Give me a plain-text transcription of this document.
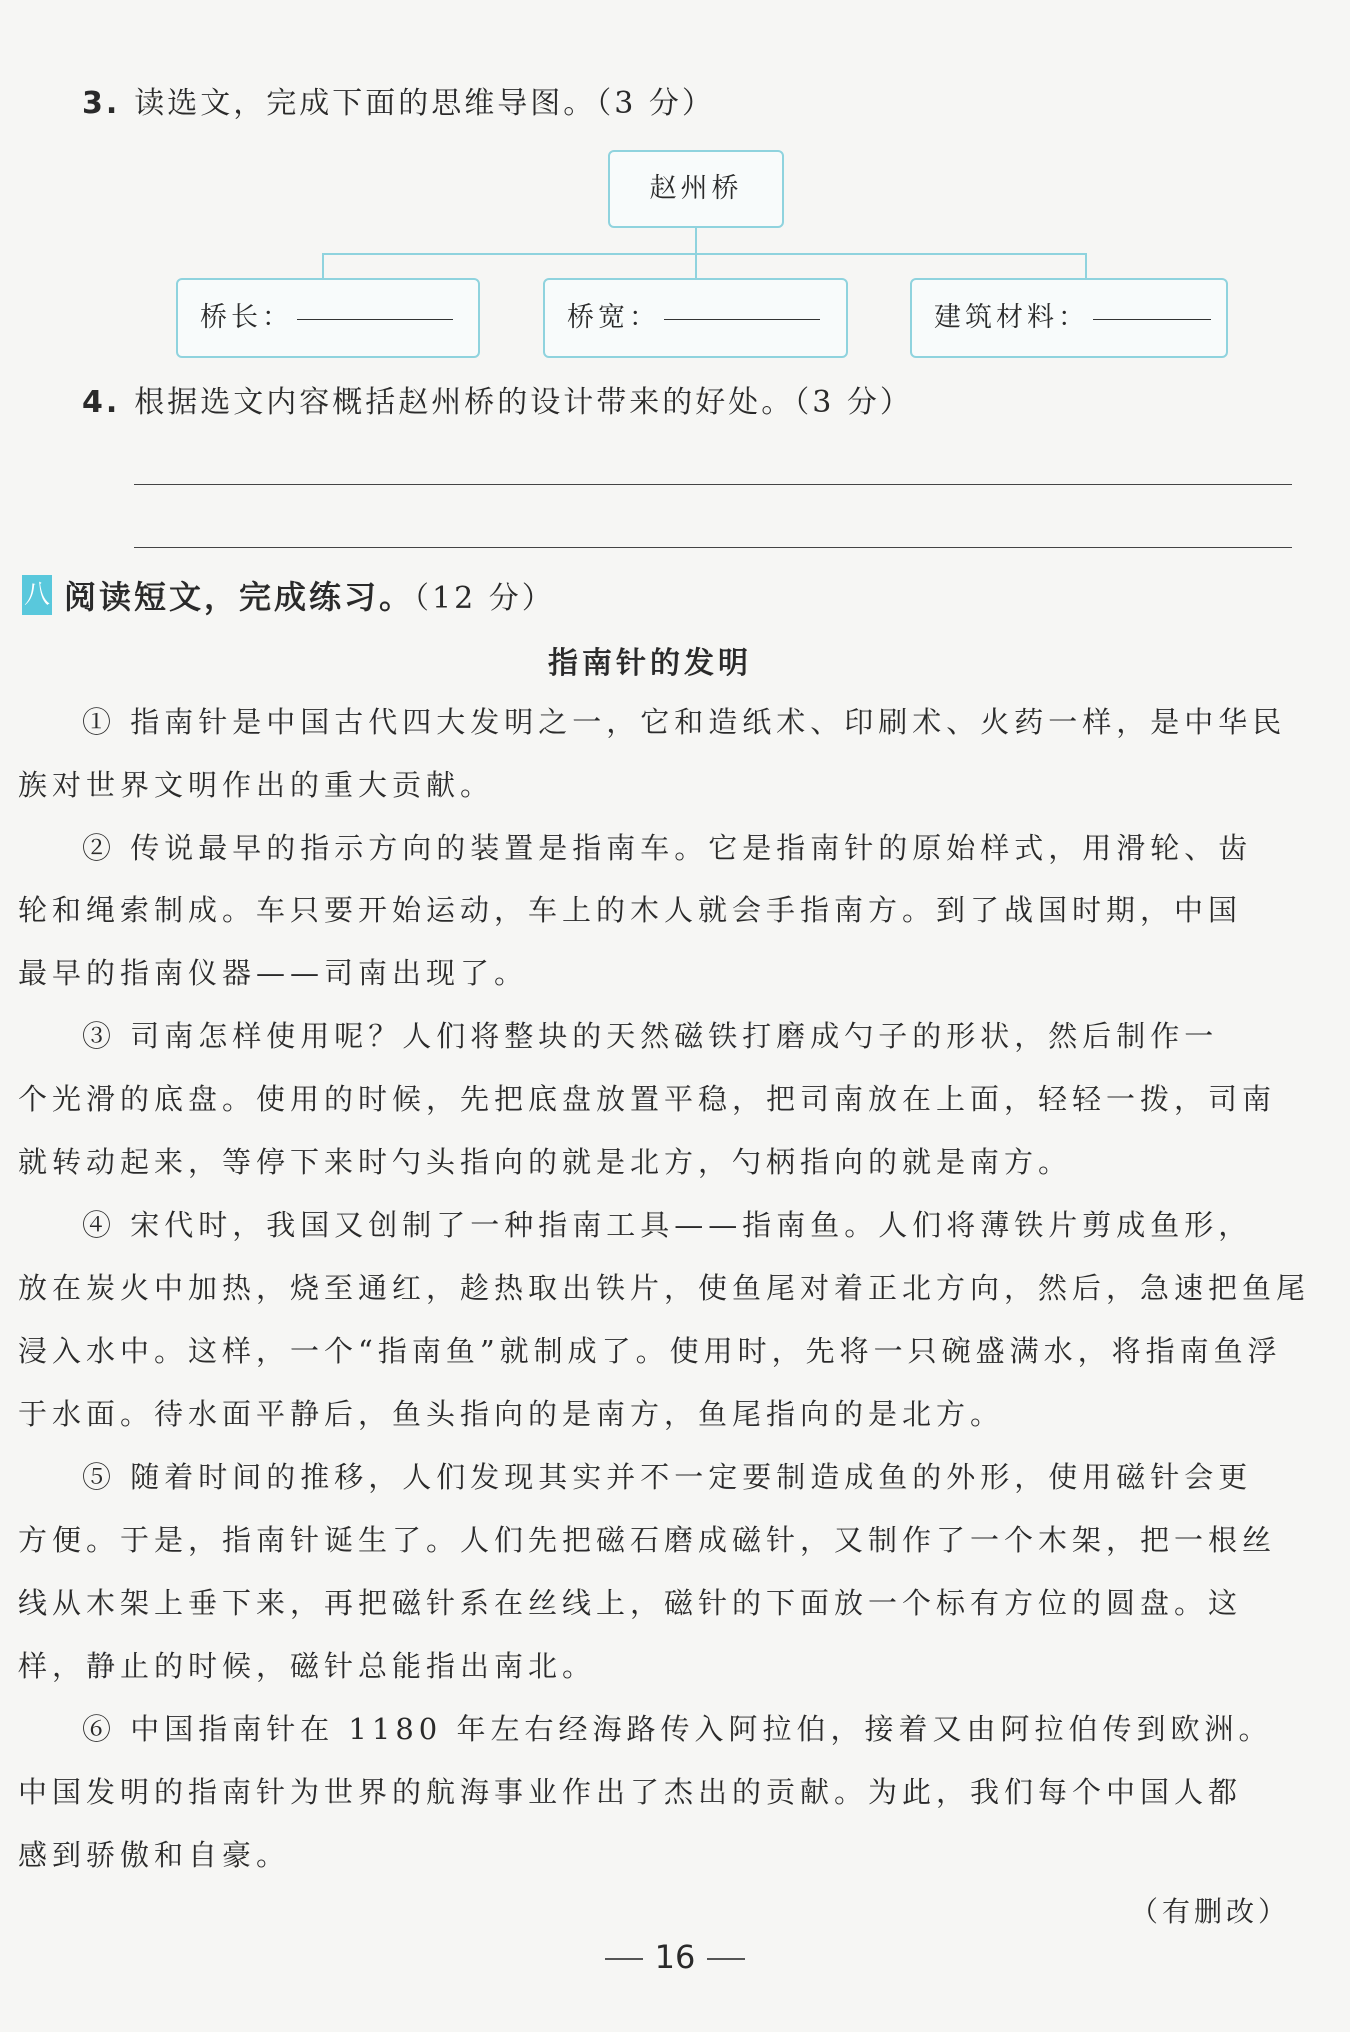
3. 读选文，完成下面的思维导图。（3 分）
赵州桥
桥长：	桥宽：	建筑材料：
4. 根据选文内容概括赵州桥的设计带来的好处。（3 分）
八 阅读短文，完成练习。（12 分）
指南针的发明
① 指南针是中国古代四大发明之一，它和造纸术、印刷术、火药一样，是中华民
族对世界文明作出的重大贡献。
② 传说最早的指示方向的装置是指南车。它是指南针的原始样式，用滑轮、齿
轮和绳索制成。车只要开始运动，车上的木人就会手指南方。到了战国时期，中国
最早的指南仪器——司南出现了。
③ 司南怎样使用呢？人们将整块的天然磁铁打磨成勺子的形状，然后制作一
个光滑的底盘。使用的时候，先把底盘放置平稳，把司南放在上面，轻轻一拨，司南
就转动起来，等停下来时勺头指向的就是北方，勺柄指向的就是南方。
④ 宋代时，我国又创制了一种指南工具——指南鱼。人们将薄铁片剪成鱼形，
放在炭火中加热，烧至通红，趁热取出铁片，使鱼尾对着正北方向，然后，急速把鱼尾
浸入水中。这样，一个“指南鱼”就制成了。使用时，先将一只碗盛满水，将指南鱼浮
于水面。待水面平静后，鱼头指向的是南方，鱼尾指向的是北方。
⑤ 随着时间的推移，人们发现其实并不一定要制造成鱼的外形，使用磁针会更
方便。于是，指南针诞生了。人们先把磁石磨成磁针，又制作了一个木架，把一根丝
线从木架上垂下来，再把磁针系在丝线上，磁针的下面放一个标有方位的圆盘。这
样，静止的时候，磁针总能指出南北。
⑥ 中国指南针在 1180 年左右经海路传入阿拉伯，接着又由阿拉伯传到欧洲。
中国发明的指南针为世界的航海事业作出了杰出的贡献。为此，我们每个中国人都
感到骄傲和自豪。
（有删改）
16
